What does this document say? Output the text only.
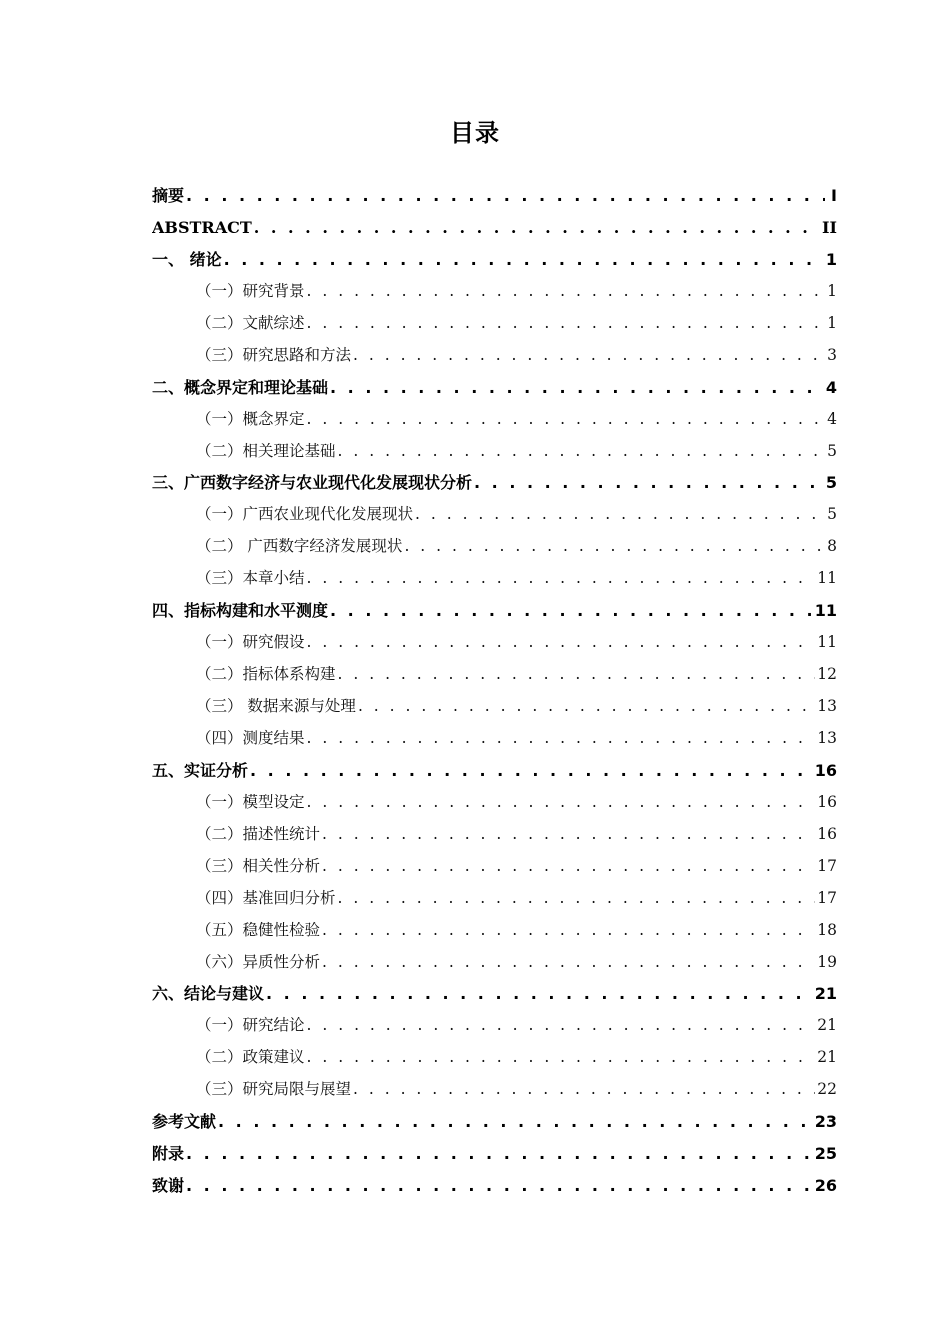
目录
摘要 . . .	I
ABSTRACT . . .	II
一、 绪论 . . .	1
（一）研究背景 . . .	1
（二）文献综述 . . .	1
（三）研究思路和方法 . . .	3
二、概念界定和理论基础 . . .	4
（一）概念界定 . . .	4
（二）相关理论基础 . . .	5
三、广西数字经济与农业现代化发展现状分析 . . .	5
（一）广西农业现代化发展现状 . . .	5
（二） 广西数字经济发展现状 . . .	8
（三）本章小结 . . .	11
四、指标构建和水平测度 . . .	11
（一）研究假设 . . .	11
（二）指标体系构建 . . .	12
（三） 数据来源与处理 . . .	13
（四）测度结果 . . .	13
五、实证分析 . . .	16
（一）模型设定 . . .	16
（二）描述性统计 . . .	16
（三）相关性分析 . . .	17
（四）基准回归分析 . . .	17
（五）稳健性检验 . . .	18
（六）异质性分析 . . .	19
六、结论与建议 . . .	21
（一）研究结论 . . .	21
（二）政策建议 . . .	21
（三）研究局限与展望 . . .	22
参考文献 . . .	23
附录 . . .	25
致谢 . . .	26
